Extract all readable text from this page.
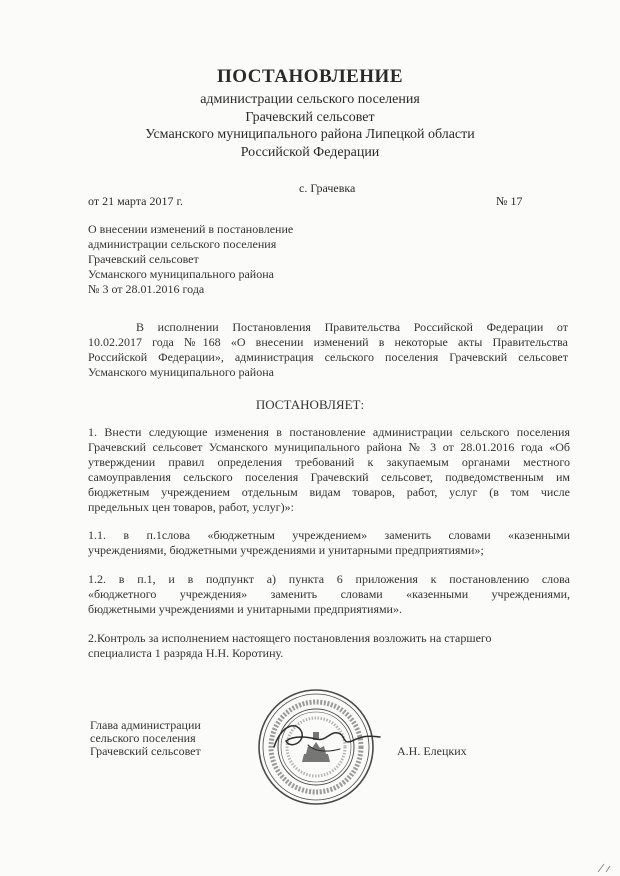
ПОСТАНОВЛЕНИЕ
администрации сельского поселения
Грачевский сельсовет
Усманского муниципального района Липецкой области
Российской Федерации
с. Грачевка
от 21 марта 2017 г.	№ 17
О внесении изменений в постановление
администрации сельского поселения
Грачевский сельсовет
Усманского муниципального района
№ 3 от 28.01.2016 года
В исполнении Постановления Правительства Российской Федерации от
10.02.2017 года №168 «О внесении изменений в некоторые акты Правительства
Российской Федерации», администрация сельского поселения Грачевский сельсовет
Усманского муниципального района
ПОСТАНОВЛЯЕТ:
1. Внести следующие изменения в постановление администрации сельского поселения
Грачевский сельсовет Усманского муниципального района № 3 от 28.01.2016 года «Об
утверждении правил определения требований к закупаемым органами местного
самоуправления сельского поселения Грачевский сельсовет, подведомственным им
бюджетным учреждением отдельным видам товаров, работ, услуг (в том числе
предельных цен товаров, работ, услуг)»:
1.1. в п.1слова «бюджетным учреждением» заменить словами «казенными
учреждениями, бюджетными учреждениями и унитарными предприятиями»;
1.2. в п.1, и в подпункт а) пункта 6 приложения к постановлению слова
«бюджетного учреждения» заменить словами «казенными учреждениями,
бюджетными учреждениями и унитарными предприятиями».
2.Контроль за исполнением настоящего постановления возложить на старшего
специалиста 1 разряда Н.Н. Коротину.
Глава администрации
сельского поселения
Грачевский сельсовет	А.Н. Елецких
